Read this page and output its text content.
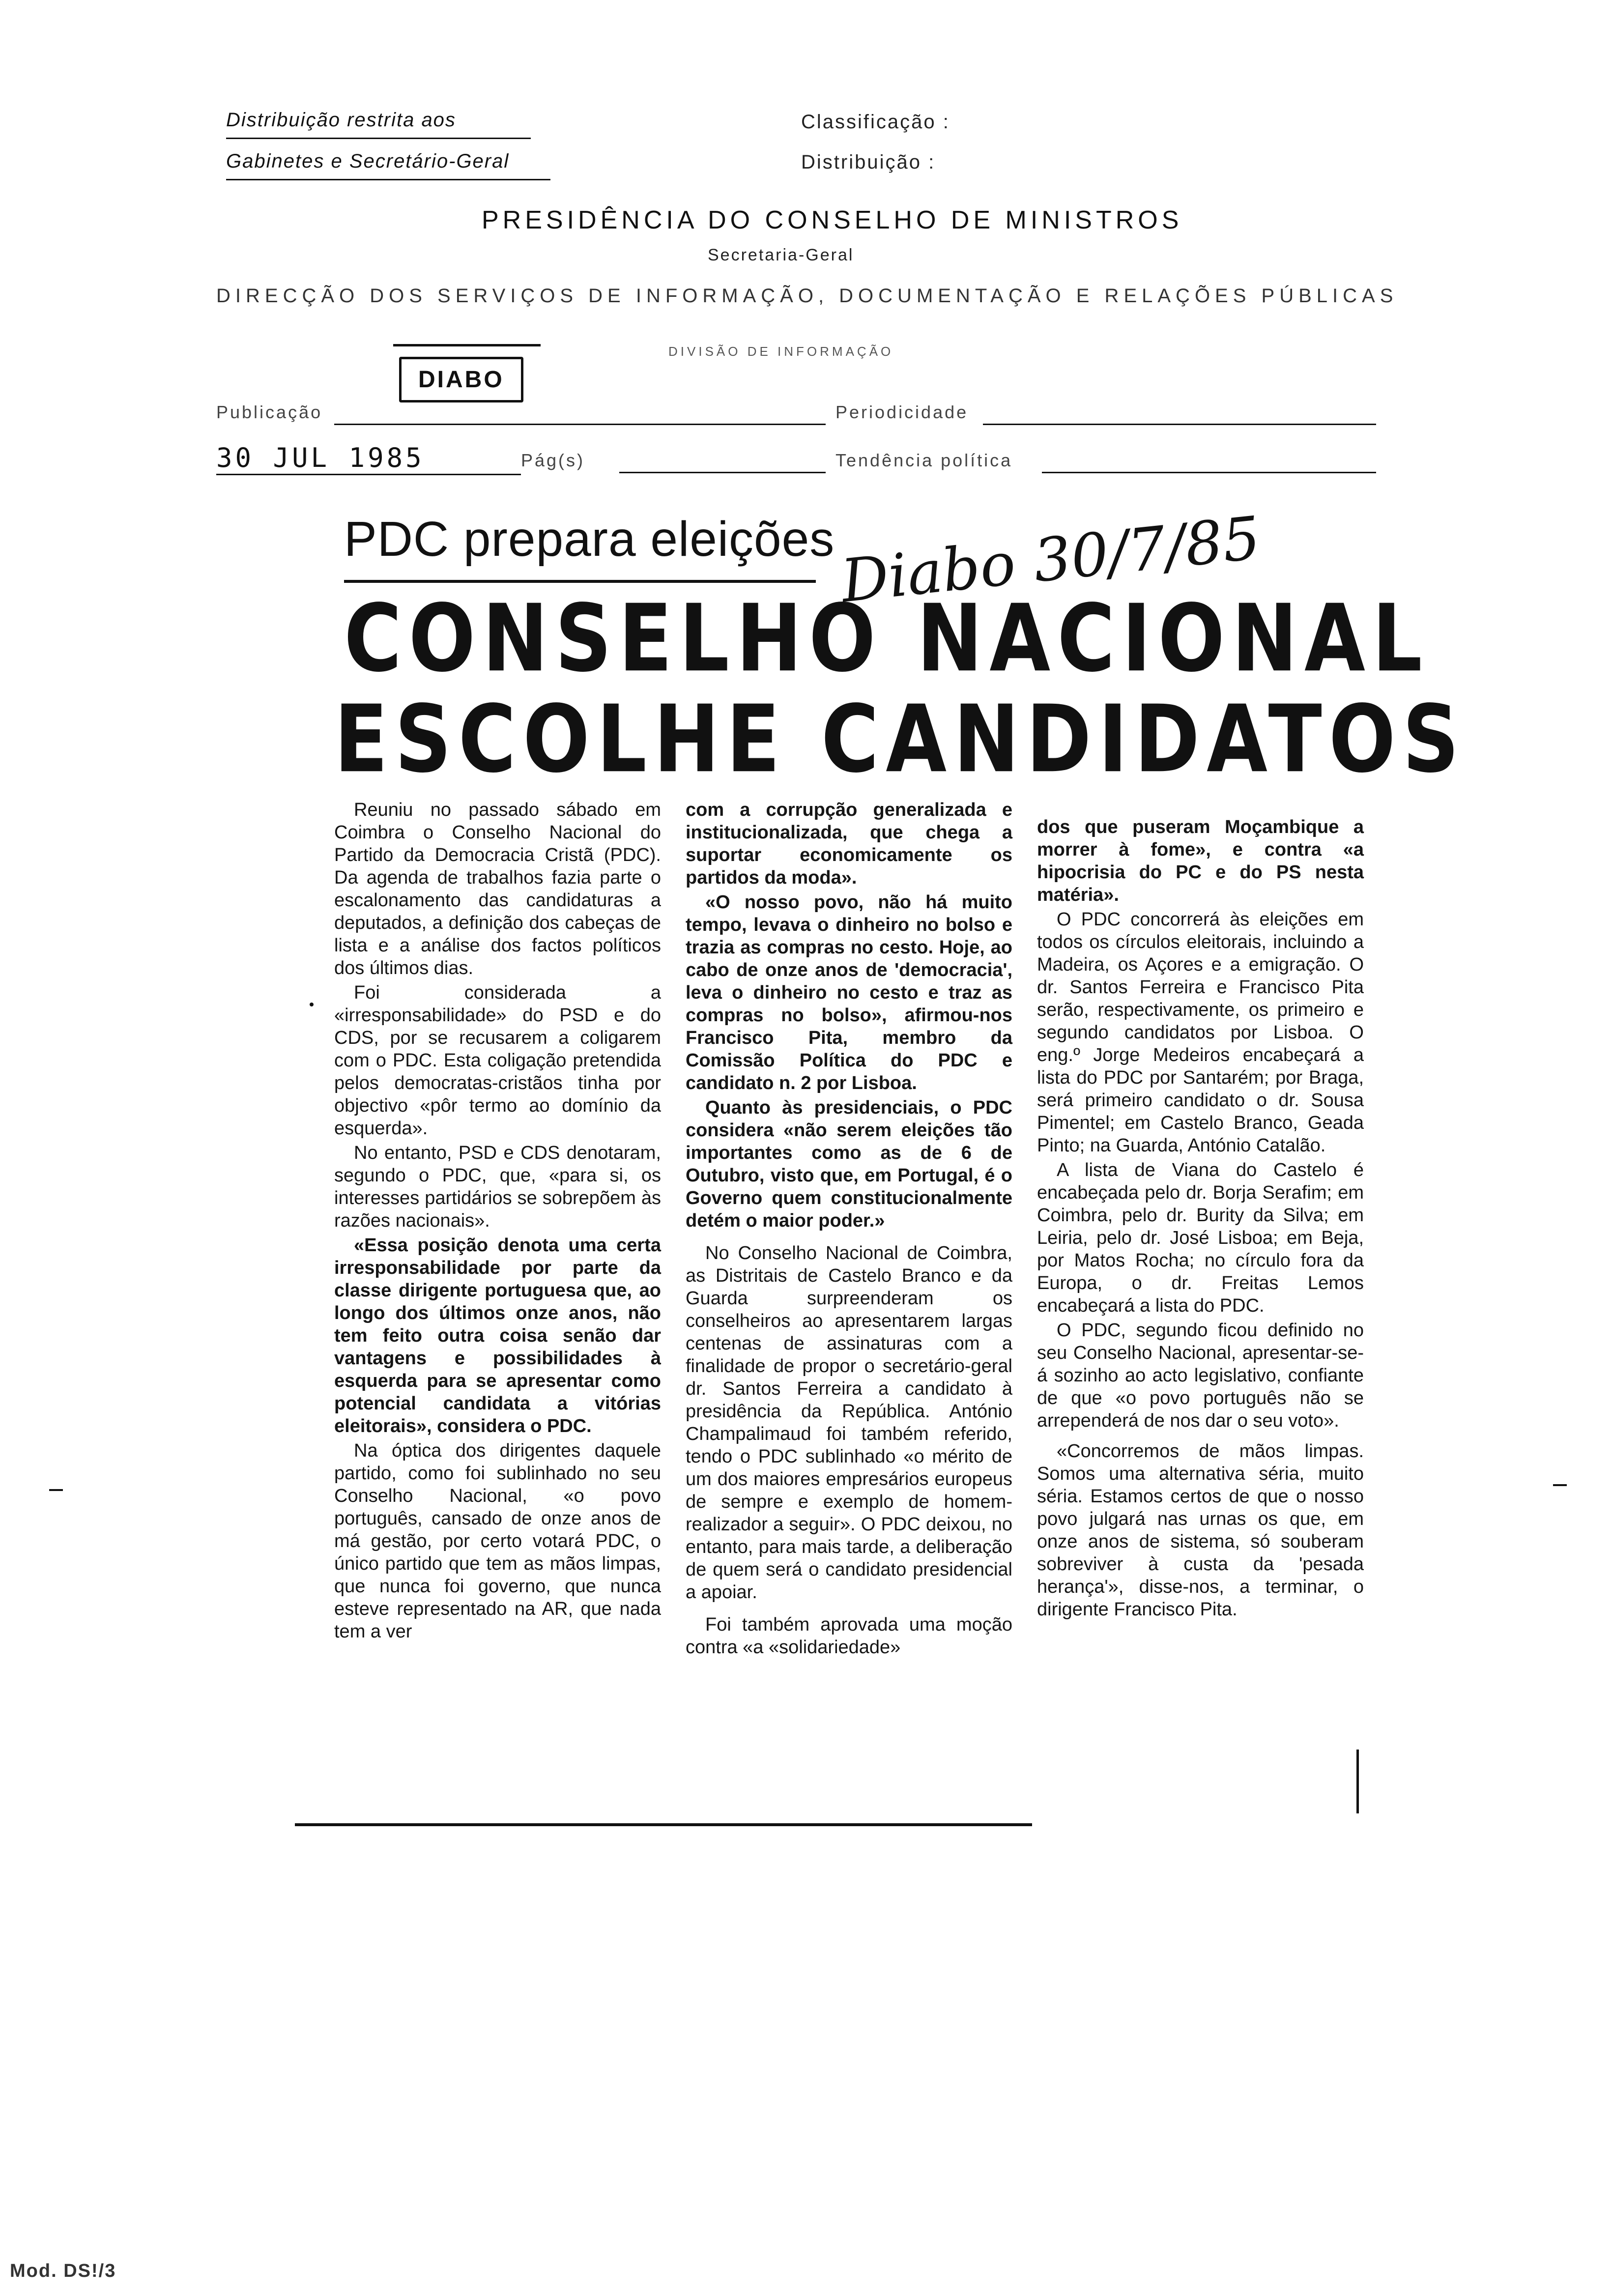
Distribuição restrita aos
Gabinetes e Secretário-Geral
Classificação :
Distribuição :
PRESIDÊNCIA DO CONSELHO DE MINISTROS
Secretaria-Geral
DIRECÇÃO DOS SERVIÇOS DE INFORMAÇÃO, DOCUMENTAÇÃO E RELAÇÕES PÚBLICAS
DIVISÃO DE INFORMAÇÃO
DIABO
Publicação	Periodicidade
30 JUL 1985	Pág(s)	Tendência política
PDC prepara eleições Diabo 30/7/85
CONSELHO NACIONAL
ESCOLHE CANDIDATOS

Reuniu no passado sábado em Coimbra o Conselho Nacional do Partido da Democracia Cristã (PDC). Da agenda de trabalhos fazia parte o escalonamento das candidaturas a deputados, a definição dos cabeças de lista e a análise dos factos políticos dos últimos dias.

Foi considerada a «irresponsabilidade» do PSD e do CDS, por se recusarem a coligarem com o PDC. Esta coligação pretendida pelos democratas-cristãos tinha por objectivo «pôr termo ao domínio da esquerda».

No entanto, PSD e CDS denotaram, segundo o PDC, que, «para si, os interesses partidários se sobrepõem às razões nacionais».

«Essa posição denota uma certa irresponsabilidade por parte da classe dirigente portuguesa que, ao longo dos últimos onze anos, não tem feito outra coisa senão dar vantagens e possibilidades à esquerda para se apresentar como potencial candidata a vitórias eleitorais», considera o PDC.

Na óptica dos dirigentes daquele partido, como foi sublinhado no seu Conselho Nacional, «o povo português, cansado de onze anos de má gestão, por certo votará PDC, o único partido que tem as mãos limpas, que nunca foi governo, que nunca esteve representado na AR, que nada tem a ver

com a corrupção generalizada e institucionalizada, que chega a suportar economicamente os partidos da moda».

«O nosso povo, não há muito tempo, levava o dinheiro no bolso e trazia as compras no cesto. Hoje, ao cabo de onze anos de 'democracia', leva o dinheiro no cesto e traz as compras no bolso», afirmou-nos Francisco Pita, membro da Comissão Política do PDC e candidato n. 2 por Lisboa.

Quanto às presidenciais, o PDC considera «não serem eleições tão importantes como as de 6 de Outubro, visto que, em Portugal, é o Governo quem constitucionalmente detém o maior poder.»

No Conselho Nacional de Coimbra, as Distritais de Castelo Branco e da Guarda surpreenderam os conselheiros ao apresentarem largas centenas de assinaturas com a finalidade de propor o secretário-geral dr. Santos Ferreira a candidato à presidência da República. António Champalimaud foi também referido, tendo o PDC sublinhado «o mérito de um dos maiores empresários europeus de sempre e exemplo de homem-realizador a seguir». O PDC deixou, no entanto, para mais tarde, a deliberação de quem será o candidato presidencial a apoiar.

Foi também aprovada uma moção contra «a «solidariedade»

dos que puseram Moçambique a morrer à fome», e contra «a hipocrisia do PC e do PS nesta matéria».

O PDC concorrerá às eleições em todos os círculos eleitorais, incluindo a Madeira, os Açores e a emigração. O dr. Santos Ferreira e Francisco Pita serão, respectivamente, os primeiro e segundo candidatos por Lisboa. O eng.º Jorge Medeiros encabeçará a lista do PDC por Santarém; por Braga, será primeiro candidato o dr. Sousa Pimentel; em Castelo Branco, Geada Pinto; na Guarda, António Catalão.

A lista de Viana do Castelo é encabeçada pelo dr. Borja Serafim; em Coimbra, pelo dr. Burity da Silva; em Leiria, pelo dr. José Lisboa; em Beja, por Matos Rocha; no círculo fora da Europa, o dr. Freitas Lemos encabeçará a lista do PDC.

O PDC, segundo ficou definido no seu Conselho Nacional, apresentar-se-á sozinho ao acto legislativo, confiante de que «o povo português não se arrependerá de nos dar o seu voto».

«Concorremos de mãos limpas. Somos uma alternativa séria, muito séria. Estamos certos de que o nosso povo julgará nas urnas os que, em onze anos de sistema, só souberam sobreviver à custa da 'pesada herança'», disse-nos, a terminar, o dirigente Francisco Pita.

Mod. DS!/3
